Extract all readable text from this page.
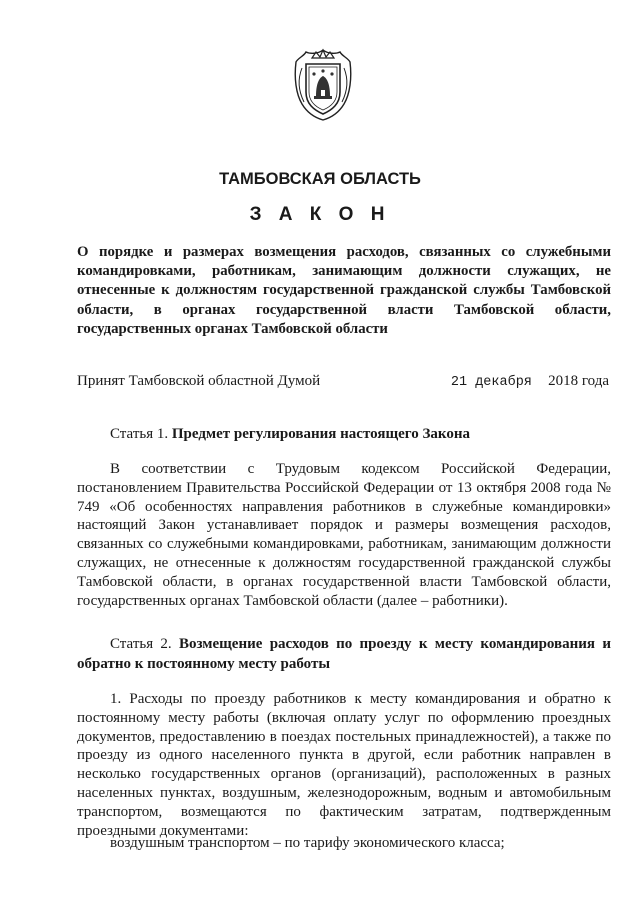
ТАМБОВСКАЯ ОБЛАСТЬ
З А К О Н
О порядке и размерах возмещения расходов, связанных со служебными командировками, работникам, занимающим должности служащих, не отнесенные к должностям государственной гражданской службы Тамбовской области, в органах государственной власти Тамбовской области, государственных органах Тамбовской области
Принят Тамбовской областной Думой	21 декабря 2018 года
Статья 1. Предмет регулирования настоящего Закона
В соответствии с Трудовым кодексом Российской Федерации, постановлением Правительства Российской Федерации от 13 октября 2008 года № 749 «Об особенностях направления работников в служебные командировки» настоящий Закон устанавливает порядок и размеры возмещения расходов, связанных со служебными командировками, работникам, занимающим должности служащих, не отнесенные к должностям государственной гражданской службы Тамбовской области, в органах государственной власти Тамбовской области, государственных органах Тамбовской области (далее – работники).
Статья 2. Возмещение расходов по проезду к месту командирования и обратно к постоянному месту работы
1. Расходы по проезду работников к месту командирования и обратно к постоянному месту работы (включая оплату услуг по оформлению проездных документов, предоставлению в поездах постельных принадлежностей), а также по проезду из одного населенного пункта в другой, если работник направлен в несколько государственных органов (организаций), расположенных в разных населенных пунктах, воздушным, железнодорожным, водным и автомобильным транспортом, возмещаются по фактическим затратам, подтвержденным проездными документами:
воздушным транспортом – по тарифу экономического класса;
